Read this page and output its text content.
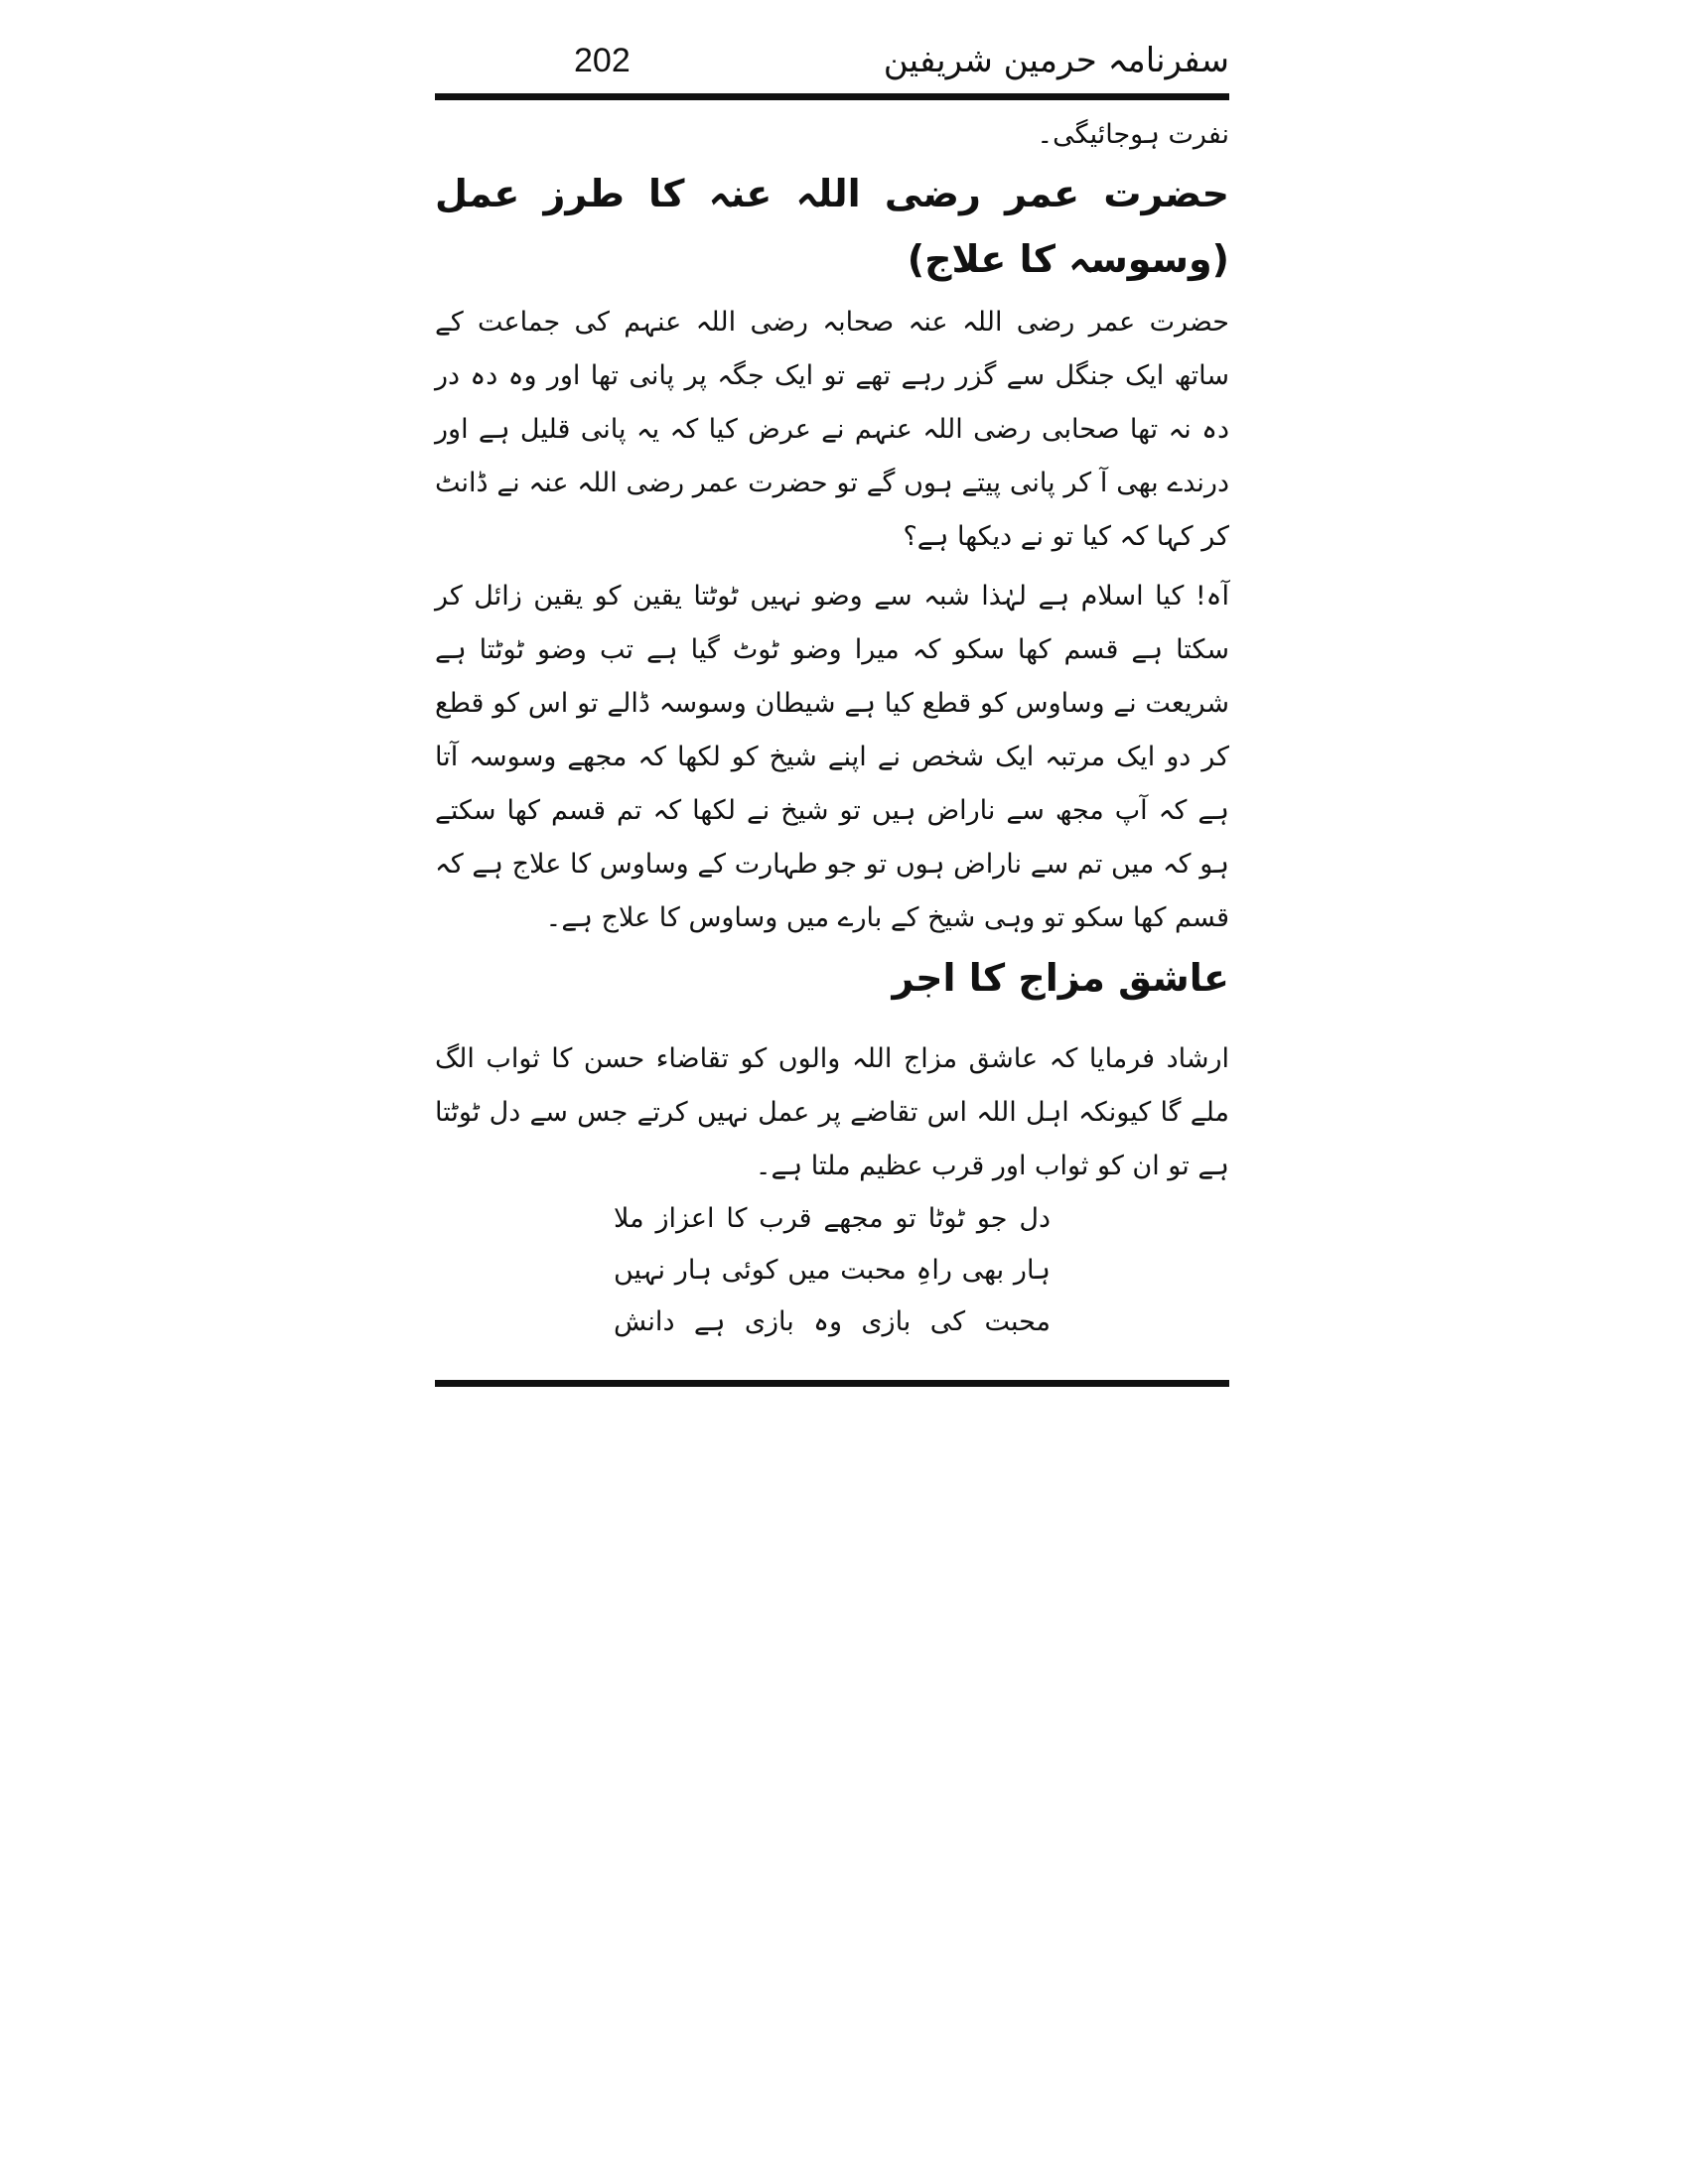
202	سفرنامہ حرمین شریفین

نفرت ہوجائیگی۔

حضرت عمر رضی اللہ عنہ کا طرز عمل (وسوسہ کا علاج)

حضرت عمر رضی اللہ عنہ صحابہ رضی اللہ عنہم کی جماعت کے ساتھ ایک جنگل سے گزر رہے تھے تو ایک جگہ پر پانی تھا اور وہ دہ در دہ نہ تھا صحابی رضی اللہ عنہم نے عرض کیا کہ یہ پانی قلیل ہے اور درندے بھی آ کر پانی پیتے ہوں گے تو حضرت عمر رضی اللہ عنہ نے ڈانٹ کر کہا کہ کیا تو نے دیکھا ہے؟

آہ! کیا اسلام ہے لہٰذا شبہ سے وضو نہیں ٹوٹتا یقین کو یقین زائل کر سکتا ہے قسم کھا سکو کہ میرا وضو ٹوٹ گیا ہے تب وضو ٹوٹتا ہے شریعت نے وساوس کو قطع کیا ہے شیطان وسوسہ ڈالے تو اس کو قطع کر دو ایک مرتبہ ایک شخص نے اپنے شیخ کو لکھا کہ مجھے وسوسہ آتا ہے کہ آپ مجھ سے ناراض ہیں تو شیخ نے لکھا کہ تم قسم کھا سکتے ہو کہ میں تم سے ناراض ہوں تو جو طہارت کے وساوس کا علاج ہے کہ قسم کھا سکو تو وہی شیخ کے بارے میں وساوس کا علاج ہے۔

عاشق مزاج کا اجر

ارشاد فرمایا کہ عاشق مزاج اللہ والوں کو تقاضاء حسن کا ثواب الگ ملے گا کیونکہ اہل اللہ اس تقاضے پر عمل نہیں کرتے جس سے دل ٹوٹتا ہے تو ان کو ثواب اور قرب عظیم ملتا ہے۔

دل جو ٹوٹا تو مجھے قرب کا اعزاز ملا

ہار بھی راہِ محبت میں کوئی ہار نہیں

محبت کی بازی وہ بازی ہے دانش
